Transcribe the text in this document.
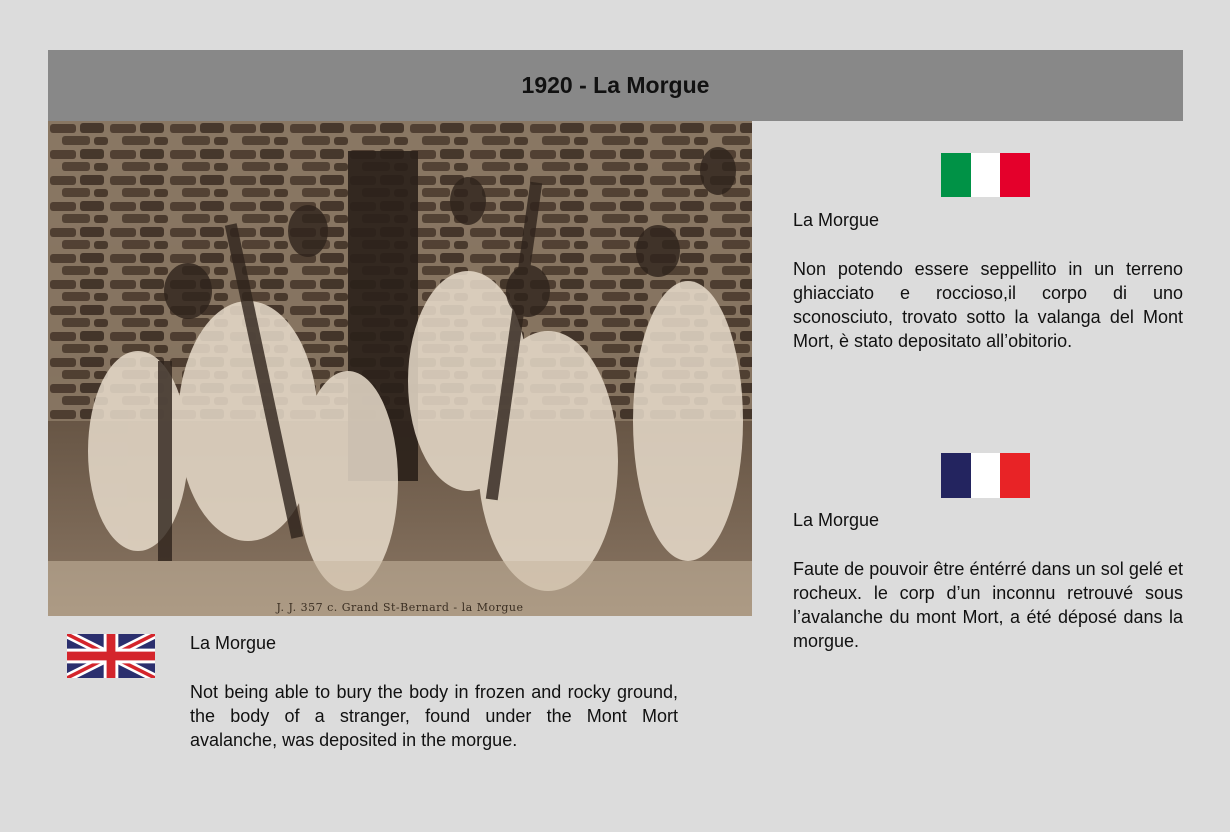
1920 - La Morgue
J. J. 357 c. Grand St-Bernard - la Morgue
La Morgue

Non potendo essere seppellito in un terreno ghiacciato e roccioso,il corpo di uno sconosciuto, trovato sotto la valanga del Mont Mort, è stato depositato all’obitorio.

La Morgue

Faute de pouvoir être éntérré dans un sol gelé et rocheux. le corp d’un inconnu retrouvé sous l’avalanche du mont Mort, a été déposé dans la morgue.

La Morgue

Not being able to bury the body in frozen and rocky ground, the body of a stranger, found under the Mont Mort avalanche, was deposited in the morgue.
